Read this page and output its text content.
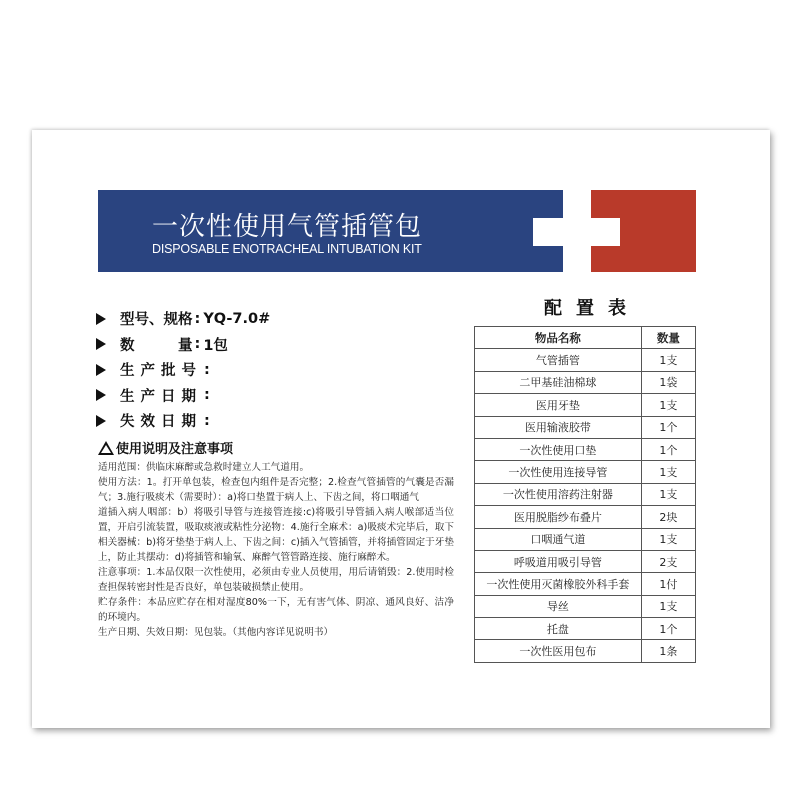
一次性使用气管插管包
DISPOSABLE ENOTRACHEAL INTUBATION KIT
型号、规格 : YQ-7.0#
数　　　量 : 1包
生产批号 :
生产日期 :
失效日期 :
使用说明及注意事项

适用范围：供临床麻醉或急救时建立人工气道用。

使用方法：1。打开单包装，检查包内组件是否完整；2.检查气管插管的气囊是否漏气；3.施行吸痰术（需要时）：a)将口垫置于病人上、下齿之间，将口咽通气

道插入病人咽部：b）将吸引导管与连接管连接:c)将吸引导管插入病人喉部适当位置，开启引流装置，吸取痰液或粘性分泌物：4.施行全麻术：a)吸痰术完毕后，取下相关器械：b)将牙垫垫于病人上、下齿之间：c)插入气管插管，并将插管固定于牙垫上，防止其摆动：d)将插管和输氧、麻醉气管管路连接、施行麻醉术。

注意事项：1.本品仅限一次性使用，必须由专业人员使用，用后请销毁：2.使用时检查担保转密封性是否良好，单包装破损禁止使用。

贮存条件：本品应贮存在相对湿度80%一下，无有害气体、阴凉、通风良好、洁净的环境内。

生产日期、失效日期：见包装。（其他内容详见说明书）

配置表
物品名称	数量
气管插管	1支
二甲基硅油棉球	1袋
医用牙垫	1支
医用输液胶带	1个
一次性使用口垫	1个
一次性使用连接导管	1支
一次性使用溶药注射器	1支
医用脱脂纱布叠片	2块
口咽通气道	1支
呼吸道用吸引导管	2支
一次性使用灭菌橡胶外科手套	1付
导丝	1支
托盘	1个
一次性医用包布	1条
